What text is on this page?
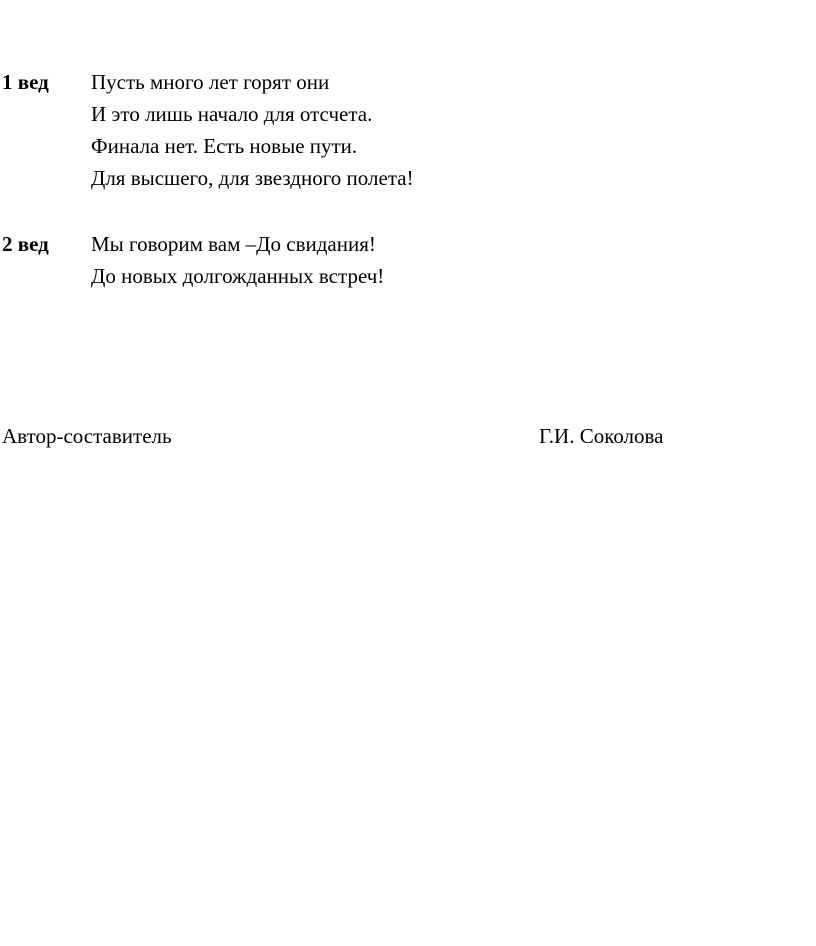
1 вед Пусть много лет горят они
И это лишь начало для отсчета.
Финала нет. Есть новые пути.
Для высшего, для звездного полета!
2 вед Мы говорим вам –До свидания!
До новых долгожданных встреч!
Автор-составитель	Г.И. Соколова
